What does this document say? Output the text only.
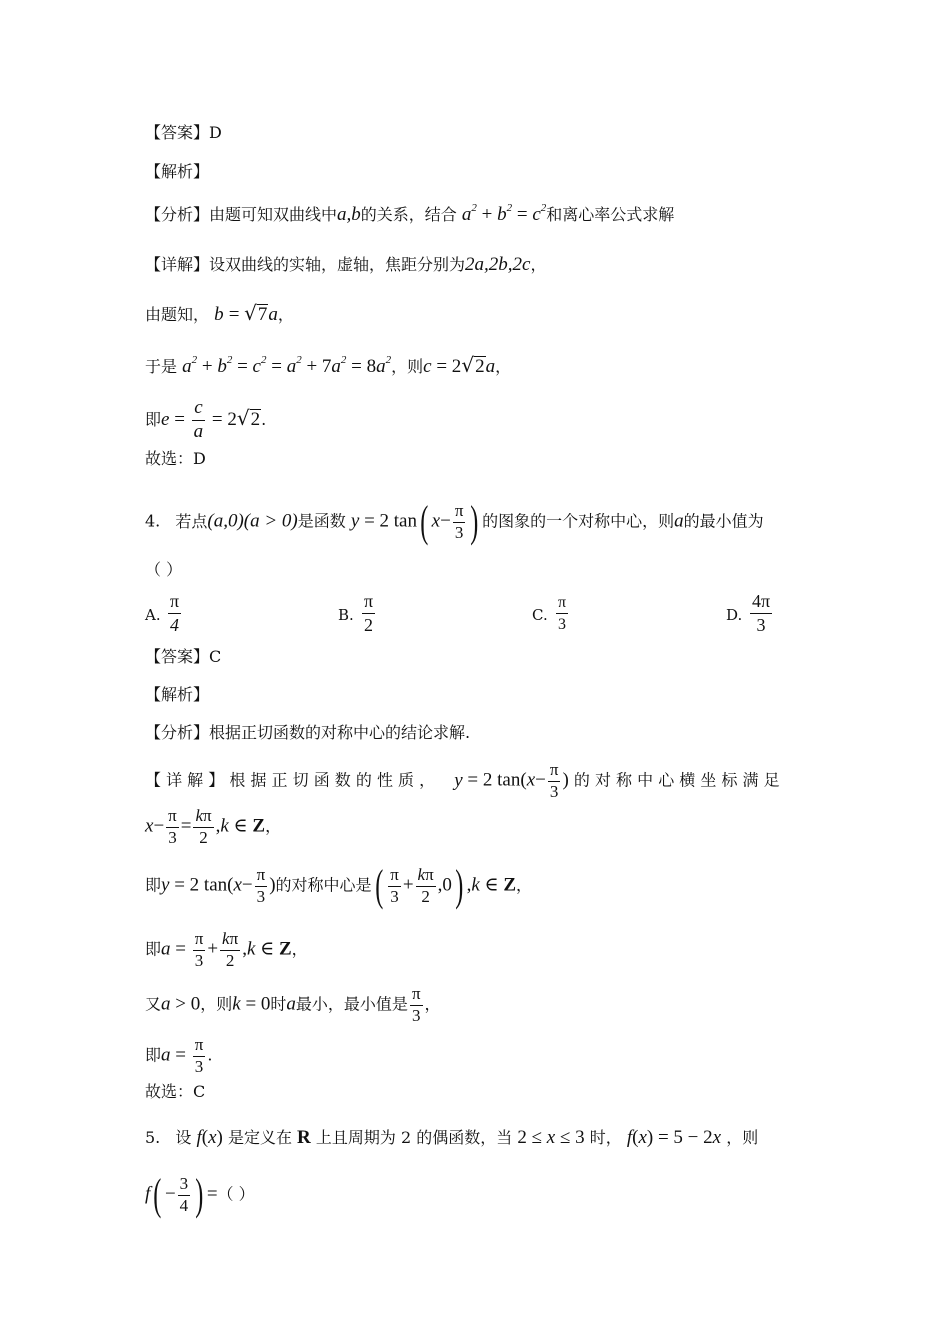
【答案】D
【解析】
【分析】由题可知双曲线中a,b的关系，结合 $a^2 + b^2 = c^2$和离心率公式求解
【详解】设双曲线的实轴，虚轴，焦距分别为2a,2b,2c，
由题知， b = √ 7 a，
于是 $a^2 + b^2 = c^2 = a^2 + 7a^2 = 8a^2$，则c = 2 √ 2 a，
即$e = \frac{c}{a} = 2$ √ 2 .
故选：D
4. 若点(a,0)(a > 0)是函数 y = 2 tan( $x- \frac{\pi}{3}$ ) 的图象的一个对称中心，则a的最小值为
（ ）
A. $\frac{\pi}{4}$	B. $\frac{\pi}{2}$	C. $\frac{\pi}{3}$	D. $\frac{4\pi}{3}$
【答案】C
【解析】
【分析】根据正切函数的对称中心的结论求解.
【 详 解 】 根 据 正 切 函 数 的 性 质 ， y = 2 $\tan(x- \frac{\pi}{3}$ ) 的 对 称 中 心 横 坐 标 满 足
$x- \frac{\pi}{3} = \frac{k\pi}{2} ,k$ ∈ Z，
即y = 2 $\tan(x- \frac{\pi}{3}$ )的对称中心是( $\frac{\pi}{3} + \frac{k\pi}{2} ,0$) ,k ∈ Z，
即$a = \frac{\pi}{3} + \frac{k\pi}{2} ,k$ ∈ Z，
又a > 0，则k = 0时a最小，最小值是 $\frac{\pi}{3}$ ，
即$a = \frac{\pi}{3}$ .
故选：C
5. 设 f(x) 是定义在 R 上且周期为 2 的偶函数，当 2 ≤ x ≤ 3 时， f(x) = 5 − 2x ，则
$f( - \frac{3}{4}$ ) =（ ）
